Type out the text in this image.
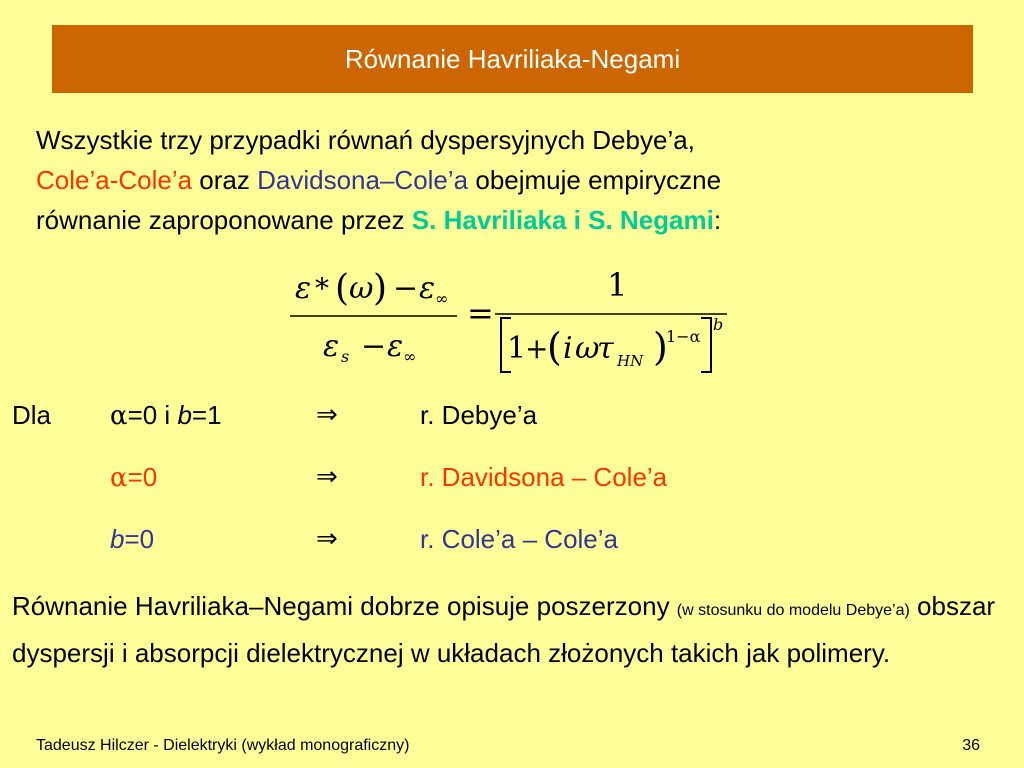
Równanie Havriliaka-Negami
Wszystkie trzy przypadki równań dyspersyjnych Debye’a,
Cole’a-Cole’a oraz Davidsona–Cole’a obejmuje empiryczne
równanie zaproponowane przez S. Havriliaka i S. Negami:
ε * ( ω ) − ε ∞
ε s − ε ∞
=
1
1
+
( i ω
τ HN )
1−α
b
Dla α=0 i b=1	⇒	r. Debye’a
α=0	⇒	r. Davidsona – Cole’a
b=0	⇒	r. Cole’a – Cole’a
Równanie Havriliaka–Negami dobrze opisuje poszerzony (w stosunku do modelu Debye’a) obszar dyspersji i absorpcji dielektrycznej w układach złożonych takich jak polimery.
Tadeusz Hilczer - Dielektryki (wykład monograficzny)	36
